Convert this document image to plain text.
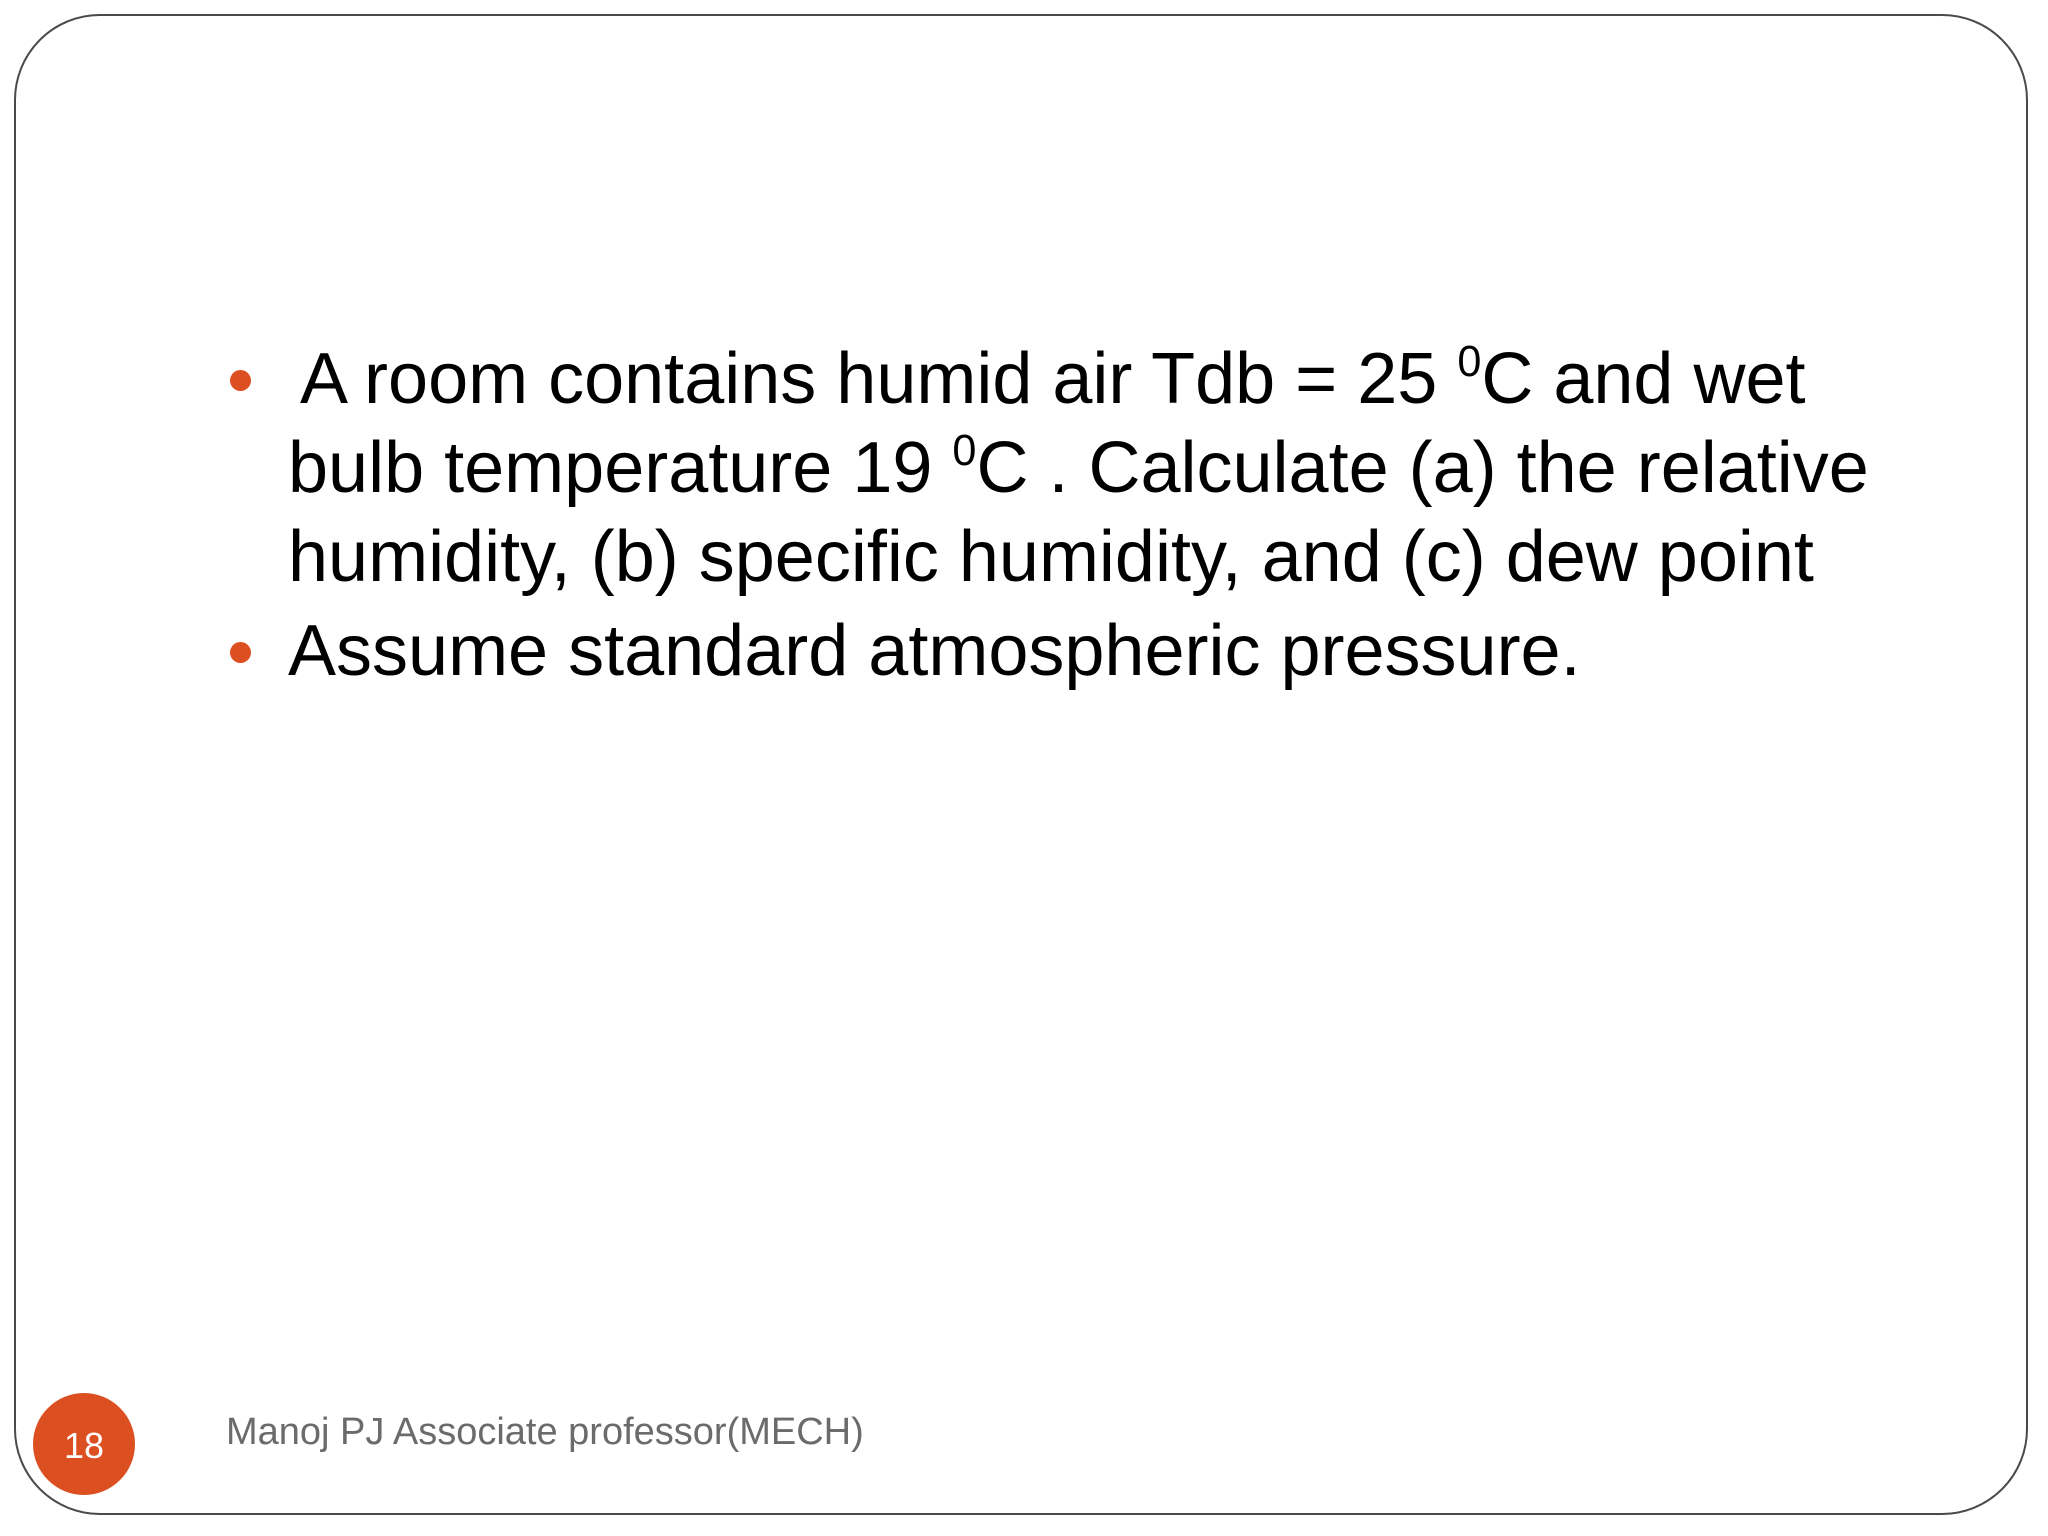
A room contains humid air Tdb = 25 $^0$C and wet
bulb temperature 19 $^0$C . Calculate (a) the relative
humidity, (b) specific humidity, and (c) dew point
Assume standard atmospheric pressure.
18	Manoj PJ Associate professor(MECH)
